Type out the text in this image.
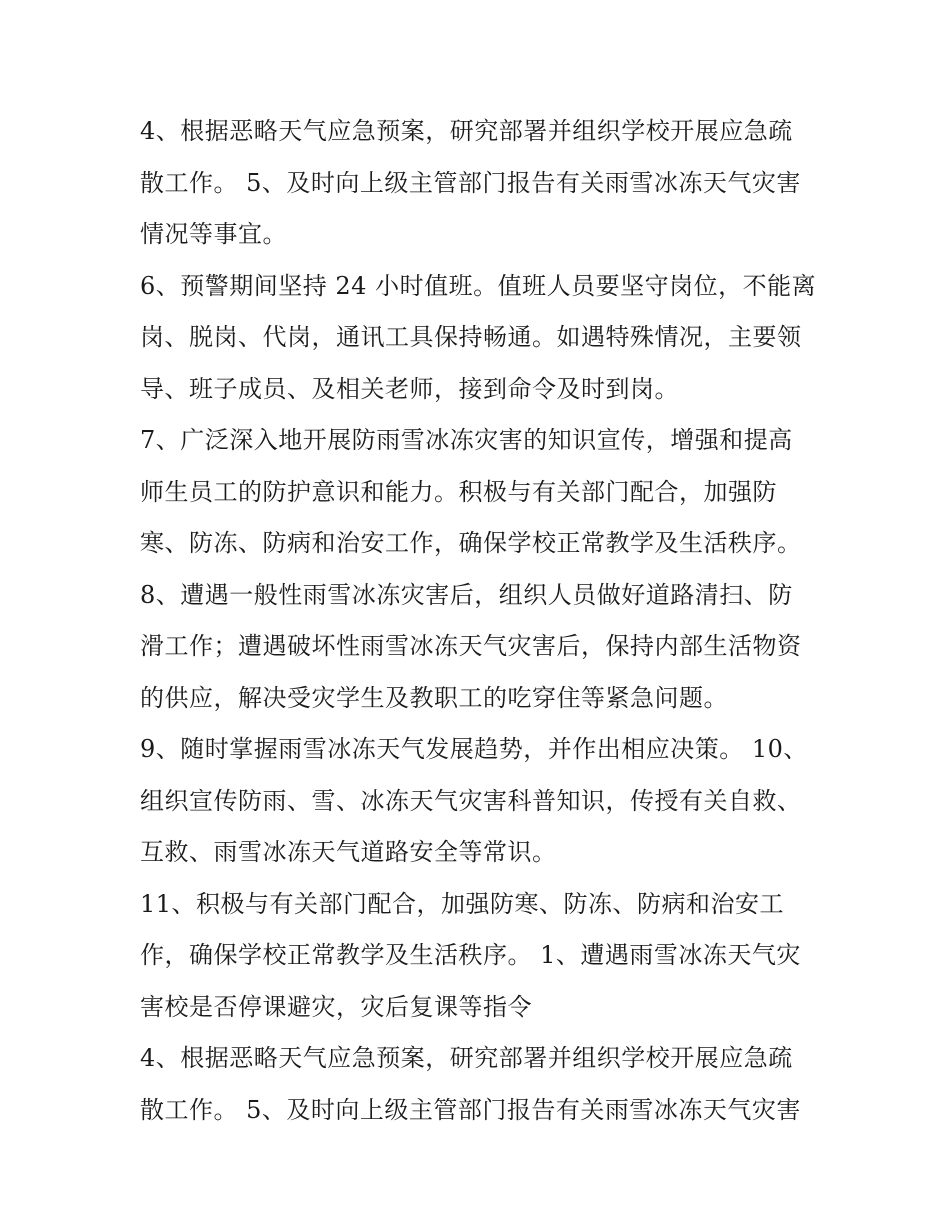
4、根据恶略天气应急预案，研究部署并组织学校开展应急疏
散工作。 5、及时向上级主管部门报告有关雨雪冰冻天气灾害
情况等事宜。
6、预警期间坚持 24 小时值班。值班人员要坚守岗位，不能离
岗、脱岗、代岗，通讯工具保持畅通。如遇特殊情况，主要领
导、班子成员、及相关老师，接到命令及时到岗。
7、广泛深入地开展防雨雪冰冻灾害的知识宣传，增强和提高
师生员工的防护意识和能力。积极与有关部门配合，加强防
寒、防冻、防病和治安工作，确保学校正常教学及生活秩序。
8、遭遇一般性雨雪冰冻灾害后，组织人员做好道路清扫、防
滑工作；遭遇破坏性雨雪冰冻天气灾害后，保持内部生活物资
的供应，解决受灾学生及教职工的吃穿住等紧急问题。
9、随时掌握雨雪冰冻天气发展趋势，并作出相应决策。 10、
组织宣传防雨、雪、冰冻天气灾害科普知识，传授有关自救、
互救、雨雪冰冻天气道路安全等常识。
11、积极与有关部门配合，加强防寒、防冻、防病和治安工
作，确保学校正常教学及生活秩序。 1、遭遇雨雪冰冻天气灾
害校是否停课避灾，灾后复课等指令
4、根据恶略天气应急预案，研究部署并组织学校开展应急疏
散工作。 5、及时向上级主管部门报告有关雨雪冰冻天气灾害
